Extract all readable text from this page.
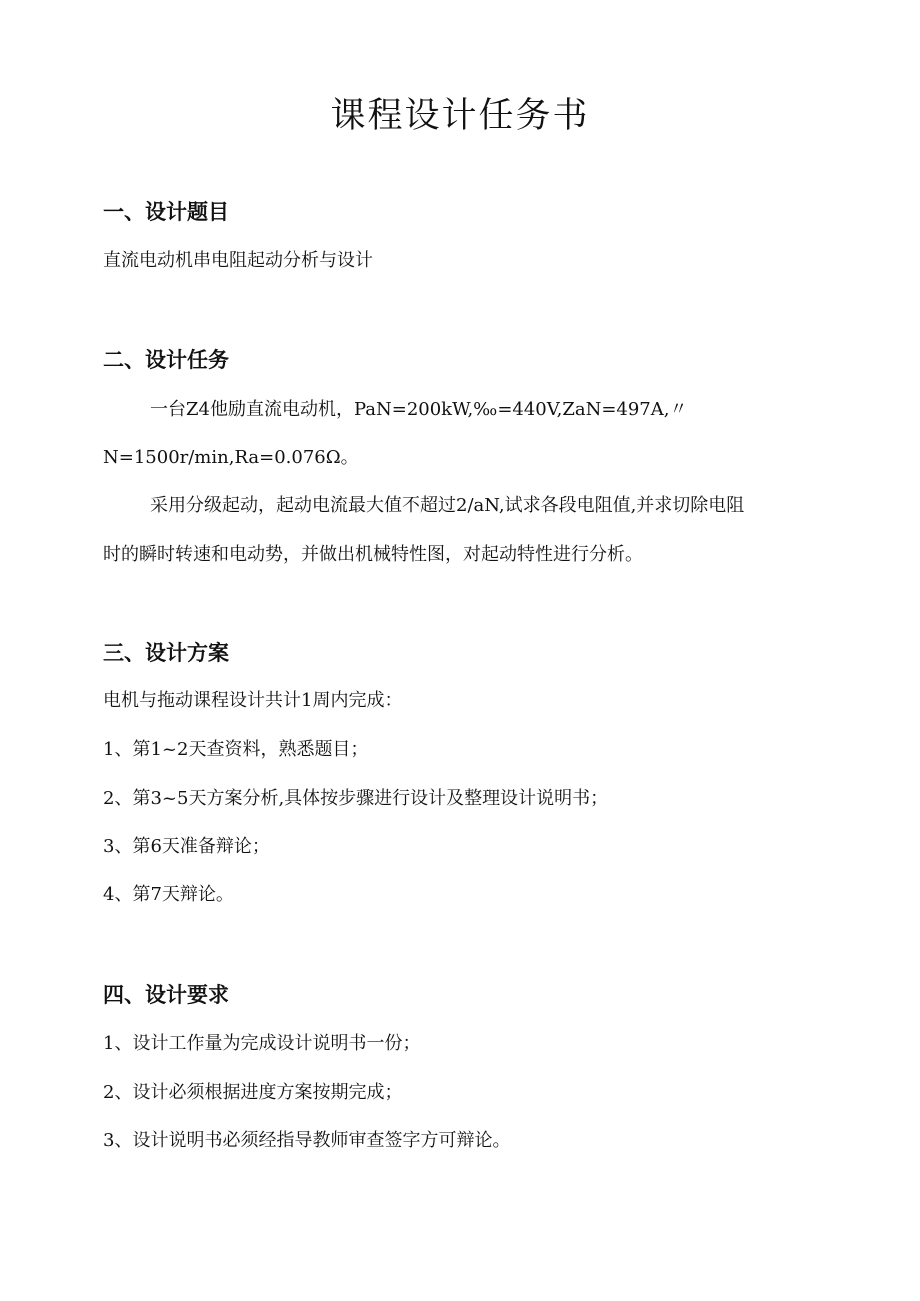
课程设计任务书
一、设计题目
直流电动机串电阻起动分析与设计
二、设计任务
一台Z4他励直流电动机，PaN=200kW,‰=440V,ZaN=497A,〃
N=1500r/min,Ra=0.076Ω。
采用分级起动，起动电流最大值不超过2/aN,试求各段电阻值,并求切除电阻
时的瞬时转速和电动势，并做出机械特性图，对起动特性进行分析。
三、设计方案
电机与拖动课程设计共计1周内完成：
1、第1~2天查资料，熟悉题目；
2、第3~5天方案分析,具体按步骤进行设计及整理设计说明书；
3、第6天准备辩论；
4、第7天辩论。
四、设计要求
1、设计工作量为完成设计说明书一份；
2、设计必须根据进度方案按期完成；
3、设计说明书必须经指导教师审查签字方可辩论。
